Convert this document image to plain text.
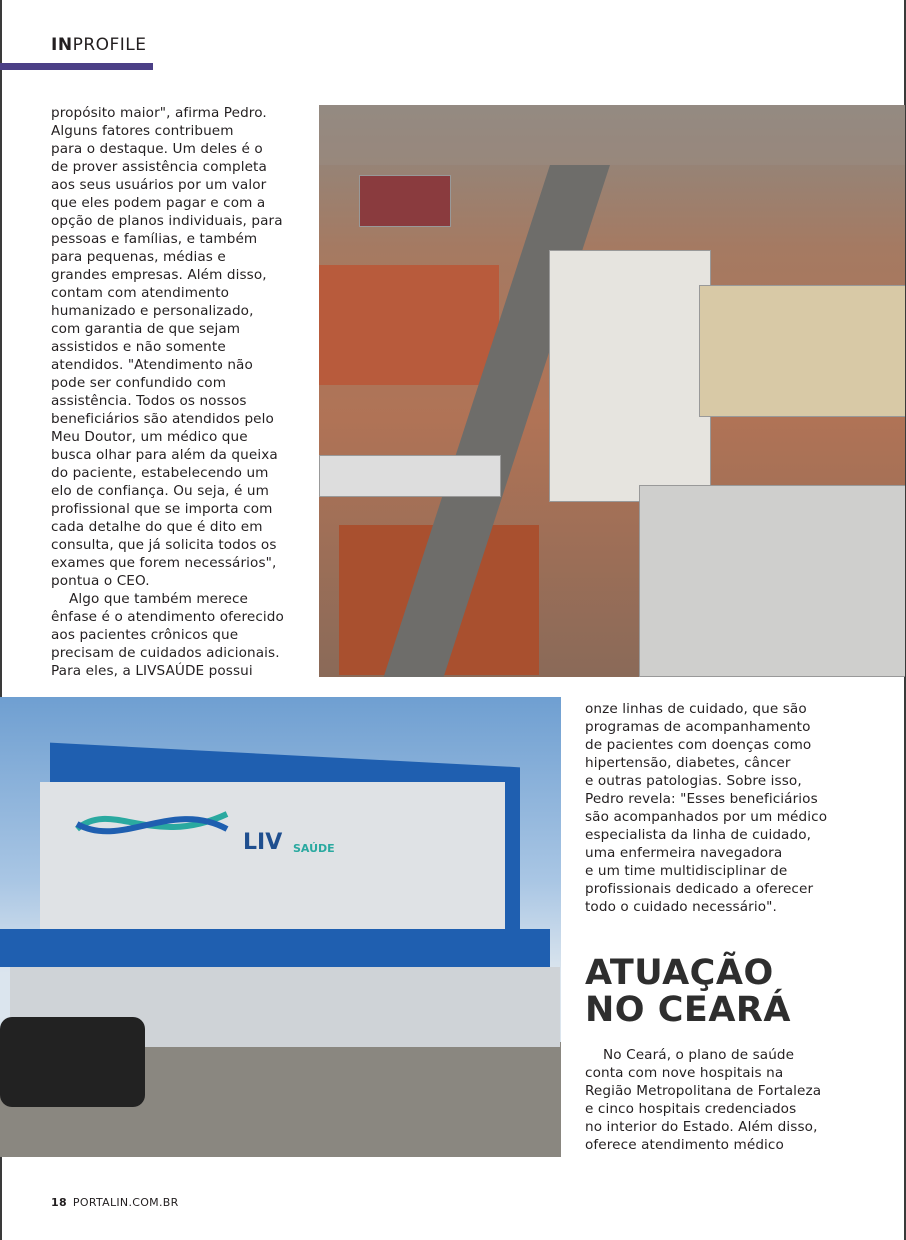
INPROFILE
propósito maior", afirma Pedro.
Alguns fatores contribuem
para o destaque. Um deles é o
de prover assistência completa
aos seus usuários por um valor
que eles podem pagar e com a
opção de planos individuais, para
pessoas e famílias, e também
para pequenas, médias e
grandes empresas. Além disso,
contam com atendimento
humanizado e personalizado,
com garantia de que sejam
assistidos e não somente
atendidos. "Atendimento não
pode ser confundido com
assistência. Todos os nossos
beneficiários são atendidos pelo
Meu Doutor, um médico que
busca olhar para além da queixa
do paciente, estabelecendo um
elo de confiança. Ou seja, é um
profissional que se importa com
cada detalhe do que é dito em
consulta, que já solicita todos os
exames que forem necessários",
pontua o CEO.
Algo que também merece
ênfase é o atendimento oferecido
aos pacientes crônicos que
precisam de cuidados adicionais.
Para eles, a LIVSAÚDE possui
LIV SAÚDE
onze linhas de cuidado, que são
programas de acompanhamento
de pacientes com doenças como
hipertensão, diabetes, câncer
e outras patologias. Sobre isso,
Pedro revela: "Esses beneficiários
são acompanhados por um médico
especialista da linha de cuidado,
uma enfermeira navegadora
e um time multidisciplinar de
profissionais dedicado a oferecer
todo o cuidado necessário".
ATUAÇÃO
NO CEARÁ
No Ceará, o plano de saúde
conta com nove hospitais na
Região Metropolitana de Fortaleza
e cinco hospitais credenciados
no interior do Estado. Além disso,
oferece atendimento médico
18 PORTALIN.COM.BR
